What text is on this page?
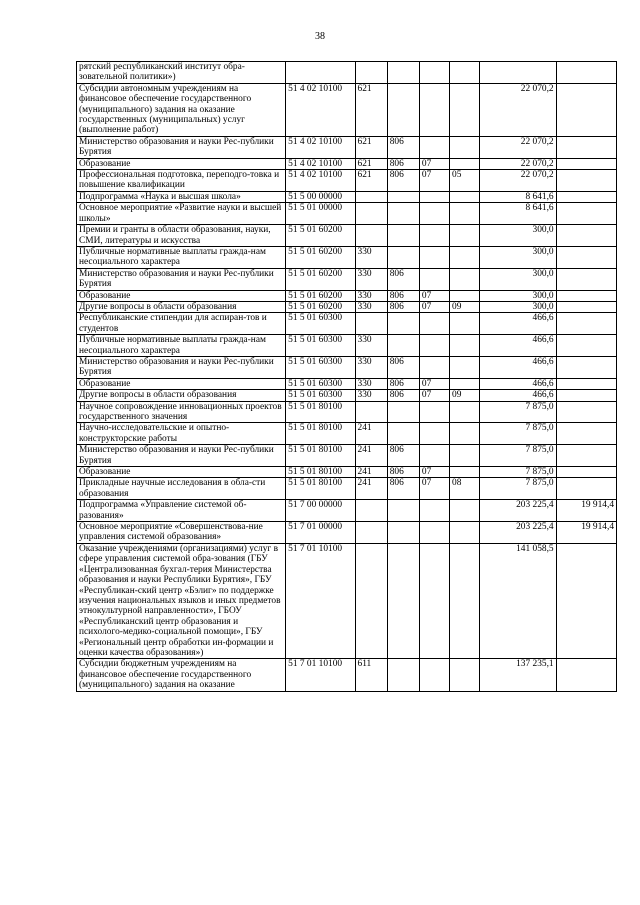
38
рятский республиканский институт обра-зовательной политики»)							
Субсидии автономным учреждениям на финансовое обеспечение государственного (муниципального) задания на оказание государственных (муниципальных) услуг (выполнение работ)	51 4 02 10100	621				22 070,2	
Министерство образования и науки Рес-публики Бурятия	51 4 02 10100	621	806			22 070,2	
Образование	51 4 02 10100	621	806	07		22 070,2	
Профессиональная подготовка, переподго-товка и повышение квалификации	51 4 02 10100	621	806	07	05	22 070,2	
Подпрограмма «Наука и высшая школа»	51 5 00 00000					8 641,6	
Основное мероприятие «Развитие науки и высшей школы»	51 5 01 00000					8 641,6	
Премии и гранты в области образования, науки, СМИ, литературы и искусства	51 5 01 60200					300,0	
Публичные нормативные выплаты гражда-нам несоциального характера	51 5 01 60200	330				300,0	
Министерство образования и науки Рес-публики Бурятия	51 5 01 60200	330	806			300,0	
Образование	51 5 01 60200	330	806	07		300,0	
Другие вопросы в области образования	51 5 01 60200	330	806	07	09	300,0	
Республиканские стипендии для аспиран-тов и студентов	51 5 01 60300					466,6	
Публичные нормативные выплаты гражда-нам несоциального характера	51 5 01 60300	330				466,6	
Министерство образования и науки Рес-публики Бурятия	51 5 01 60300	330	806			466,6	
Образование	51 5 01 60300	330	806	07		466,6	
Другие вопросы в области образования	51 5 01 60300	330	806	07	09	466,6	
Научное сопровождение инновационных проектов государственного значения	51 5 01 80100					7 875,0	
Научно-исследовательские и опытно-конструкторские работы	51 5 01 80100	241				7 875,0	
Министерство образования и науки Рес-публики Бурятия	51 5 01 80100	241	806			7 875,0	
Образование	51 5 01 80100	241	806	07		7 875,0	
Прикладные научные исследования в обла-сти образования	51 5 01 80100	241	806	07	08	7 875,0	
Подпрограмма «Управление системой об-разования»	51 7 00 00000					203 225,4	19 914,4
Основное мероприятие «Совершенствова-ние управления системой образования»	51 7 01 00000					203 225,4	19 914,4
Оказание учреждениями (организациями) услуг в сфере управления системой обра-зования (ГБУ «Централизованная бухгал-терия Министерства образования и науки Республики Бурятия», ГБУ «Республикан-ский центр «Бэлиг» по поддержке изучения национальных языков и иных предметов этнокультурной направленности», ГБОУ «Республиканский центр образования и психолого-медико-социальной помощи», ГБУ «Региональный центр обработки ин-формации и оценки качества образования»)	51 7 01 10100					141 058,5	
Субсидии бюджетным учреждениям на финансовое обеспечение государственного (муниципального) задания на оказание	51 7 01 10100	611				137 235,1	
